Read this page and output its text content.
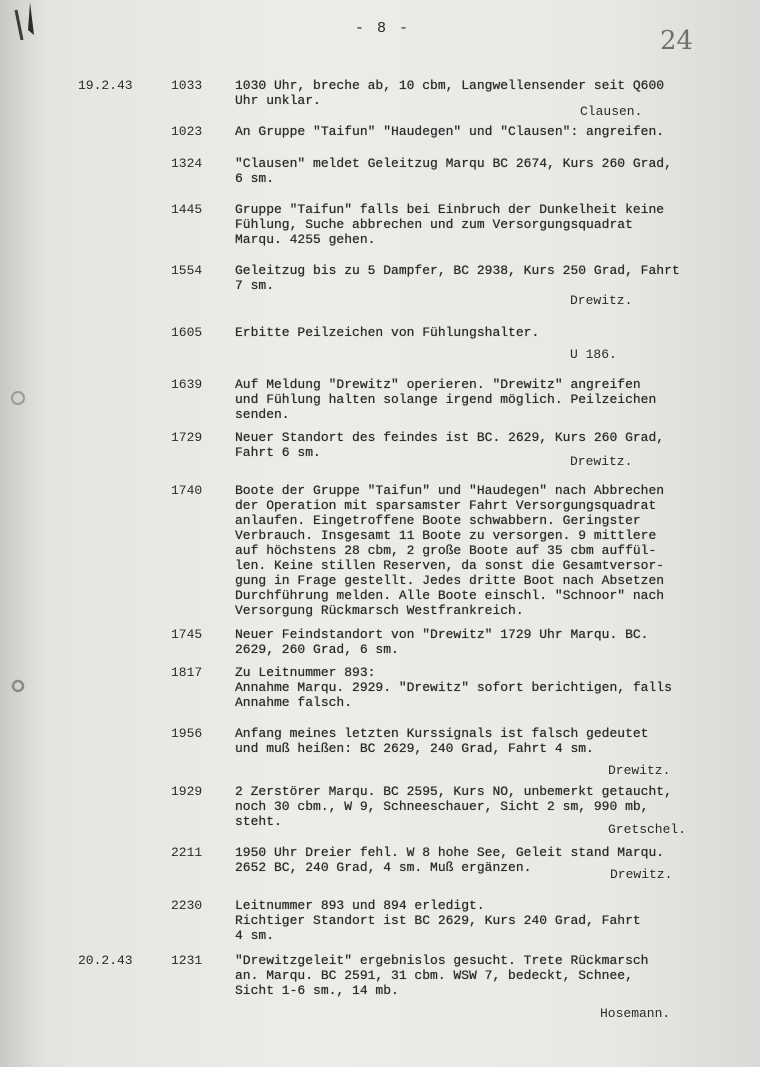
- 8 -	24
19.2.43	1033	1030 Uhr, breche ab, 10 cbm, Langwellensender seit Q600
Uhr unklar.
Clausen.
1023	An Gruppe "Taifun" "Haudegen" und "Clausen": angreifen.
1324	"Clausen" meldet Geleitzug Marqu BC 2674, Kurs 260 Grad,
6 sm.
1445	Gruppe "Taifun" falls bei Einbruch der Dunkelheit keine
Fühlung, Suche abbrechen und zum Versorgungsquadrat
Marqu. 4255 gehen.
1554	Geleitzug bis zu 5 Dampfer, BC 2938, Kurs 250 Grad, Fahrt
7 sm.
Drewitz.
1605	Erbitte Peilzeichen von Fühlungshalter.
U 186.
1639	Auf Meldung "Drewitz" operieren. "Drewitz" angreifen
und Fühlung halten solange irgend möglich. Peilzeichen
senden.
1729	Neuer Standort des feindes ist BC. 2629, Kurs 260 Grad,
Fahrt 6 sm.
Drewitz.
1740	Boote der Gruppe "Taifun" und "Haudegen" nach Abbrechen
der Operation mit sparsamster Fahrt Versorgungsquadrat
anlaufen. Eingetroffene Boote schwabbern. Geringster
Verbrauch. Insgesamt 11 Boote zu versorgen. 9 mittlere
auf höchstens 28 cbm, 2 große Boote auf 35 cbm auffül-
len. Keine stillen Reserven, da sonst die Gesamtversor-
gung in Frage gestellt. Jedes dritte Boot nach Absetzen
Durchführung melden. Alle Boote einschl. "Schnoor" nach
Versorgung Rückmarsch Westfrankreich.
1745	Neuer Feindstandort von "Drewitz" 1729 Uhr Marqu. BC.
2629, 260 Grad, 6 sm.
1817	Zu Leitnummer 893:
Annahme Marqu. 2929. "Drewitz" sofort berichtigen, falls
Annahme falsch.
1956	Anfang meines letzten Kurssignals ist falsch gedeutet
und muß heißen: BC 2629, 240 Grad, Fahrt 4 sm.
Drewitz.
1929	2 Zerstörer Marqu. BC 2595, Kurs NO, unbemerkt getaucht,
noch 30 cbm., W 9, Schneeschauer, Sicht 2 sm, 990 mb,
steht.
Gretschel.
2211	1950 Uhr Dreier fehl. W 8 hohe See, Geleit stand Marqu.
2652 BC, 240 Grad, 4 sm. Muß ergänzen.	Drewitz.
2230	Leitnummer 893 und 894 erledigt.
Richtiger Standort ist BC 2629, Kurs 240 Grad, Fahrt
4 sm.
20.2.43	1231	"Drewitzgeleit" ergebnislos gesucht. Trete Rückmarsch
an. Marqu. BC 2591, 31 cbm. WSW 7, bedeckt, Schnee,
Sicht 1-6 sm., 14 mb.
Hosemann.
